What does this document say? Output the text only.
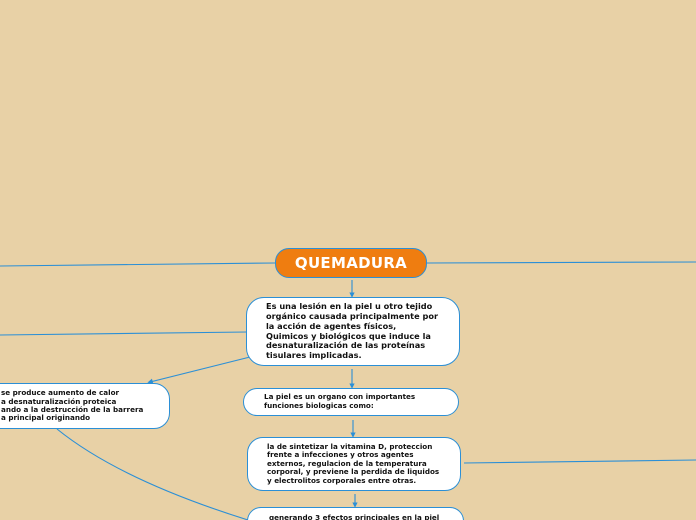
QUEMADURA
Es una lesión en la piel u otro tejido orgánico causada principalmente por la acción de agentes físicos, Quimicos y biológicos que induce la desnaturalización de las proteínas tisulares implicadas.
La piel es un organo con importantes funciones biologicas como:
la de sintetizar la vitamina D, proteccion frente a infecciones y otros agentes externos, regulacion de la temperatura corporal, y previene la perdida de liquidos y electrolitos corporales entre otras.
generando 3 efectos principales en la piel
se produce aumento de calor
a desnaturalización proteica
ando a la destrucción de la barrera
a principal originando
